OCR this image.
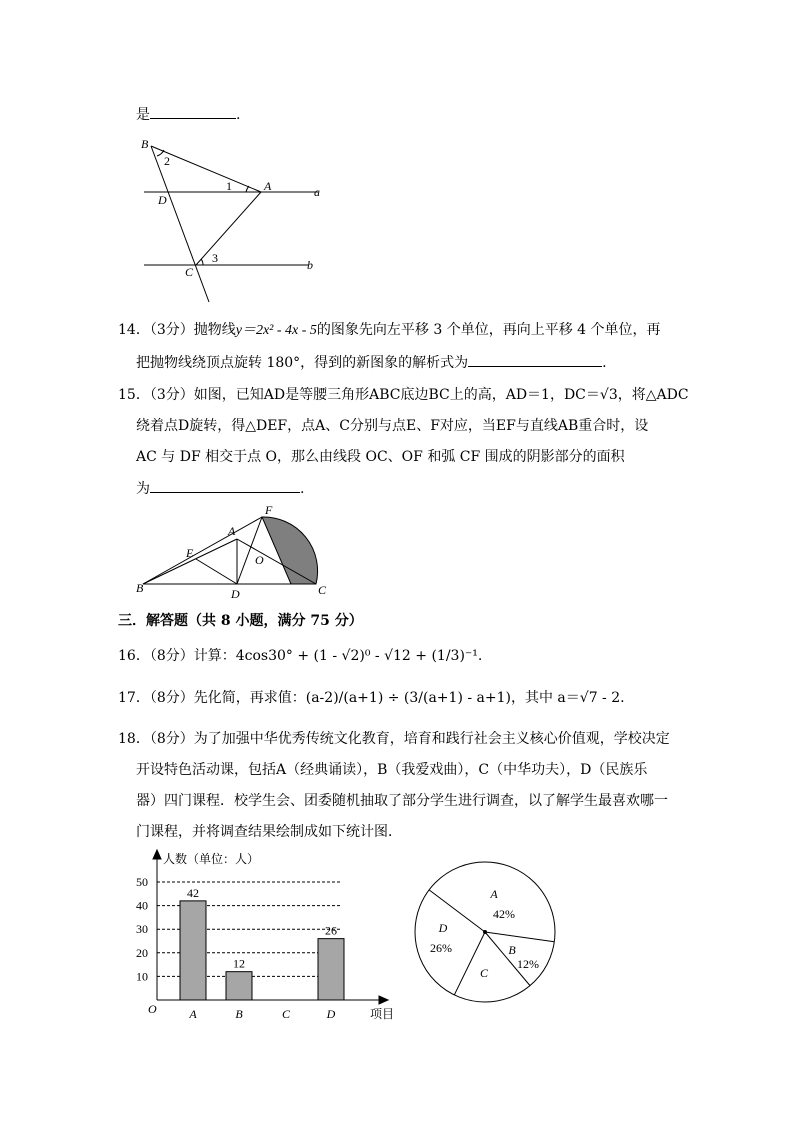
是	.
B
2
D
1	A	a
C
3	b
14．（3分）抛物线y＝2x² - 4x - 5的图象先向左平移 3 个单位，再向上平移 4 个单位，再
把抛物线绕顶点旋转 180°，得到的新图象的解析式为	.
15．（3分）如图，已知AD是等腰三角形ABC底边BC上的高，AD＝1，DC＝√3，将△ADC
绕着点D旋转，得△DEF，点A、C分别与点E、F对应，当EF与直线AB重合时，设
AC 与 DF 相交于点 O，那么由线段 OC、OF 和弧 CF 围成的阴影部分的面积
为	.
F
A
E	O
B	D	C
三．解答题（共 8 小题，满分 75 分）
16．（8分）计算：4cos30° + (1 - √2)⁰ - √12 + (1/3)⁻¹.
17．（8分）先化简，再求值：(a-2)/(a+1) ÷ (3/(a+1) - a+1)，其中 a＝√7 - 2.
18．（8分）为了加强中华优秀传统文化教育，培育和践行社会主义核心价值观，学校决定
开设特色活动课，包括A（经典诵读），B（我爱戏曲），C（中华功夫），D（民族乐
器）四门课程．校学生会、团委随机抽取了部分学生进行调查，以了解学生最喜欢哪一
门课程，并将调查结果绘制成如下统计图．
10
20
30
40
50
42
A
12
B	C
26
D
人数（单位：人）
项目
O
A
42%
B
12%
C
D
26%
